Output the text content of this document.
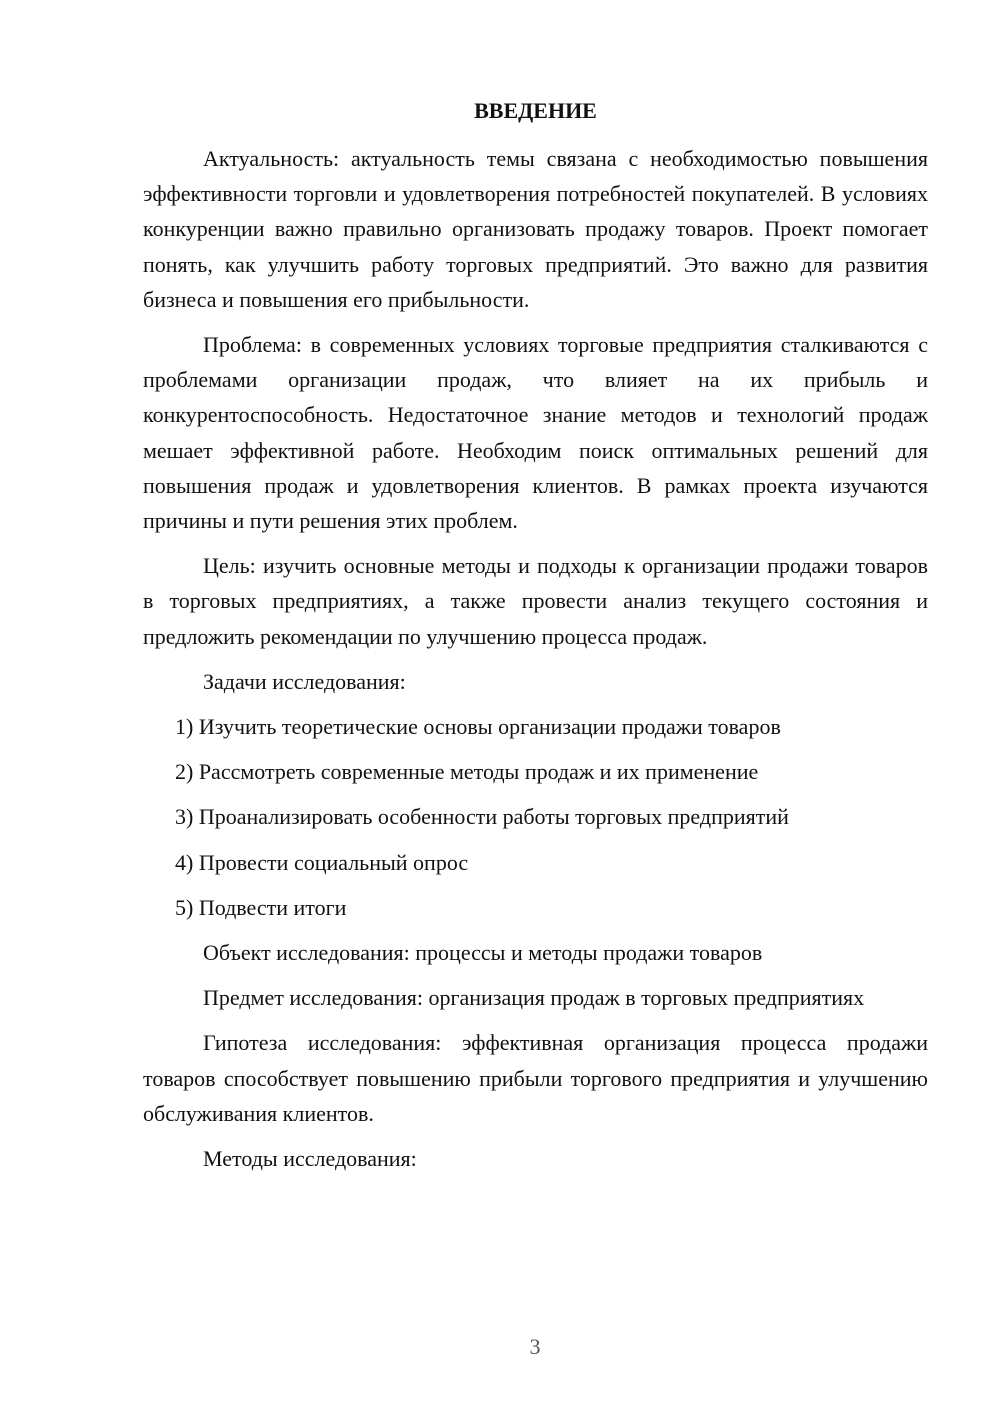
ВВЕДЕНИЕ

Актуальность: актуальность темы связана с необходимостью повышения эффективности торговли и удовлетворения потребностей покупателей. В условиях конкуренции важно правильно организовать продажу товаров. Проект помогает понять, как улучшить работу торговых предприятий. Это важно для развития бизнеса и повышения его прибыльности.

Проблема: в современных условиях торговые предприятия сталкиваются с проблемами организации продаж, что влияет на их прибыль и конкурентоспособность. Недостаточное знание методов и технологий продаж мешает эффективной работе. Необходим поиск оптимальных решений для повышения продаж и удовлетворения клиентов. В рамках проекта изучаются причины и пути решения этих проблем.

Цель: изучить основные методы и подходы к организации продажи товаров в торговых предприятиях, а также провести анализ текущего состояния и предложить рекомендации по улучшению процесса продаж.

Задачи исследования:

1) Изучить теоретические основы организации продажи товаров

2) Рассмотреть современные методы продаж и их применение

3) Проанализировать особенности работы торговых предприятий

4) Провести социальный опрос

5) Подвести итоги

Объект исследования: процессы и методы продажи товаров

Предмет исследования: организация продаж в торговых предприятиях

Гипотеза исследования: эффективная организация процесса продажи товаров способствует повышению прибыли торгового предприятия и улучшению обслуживания клиентов.

Методы исследования:

3
